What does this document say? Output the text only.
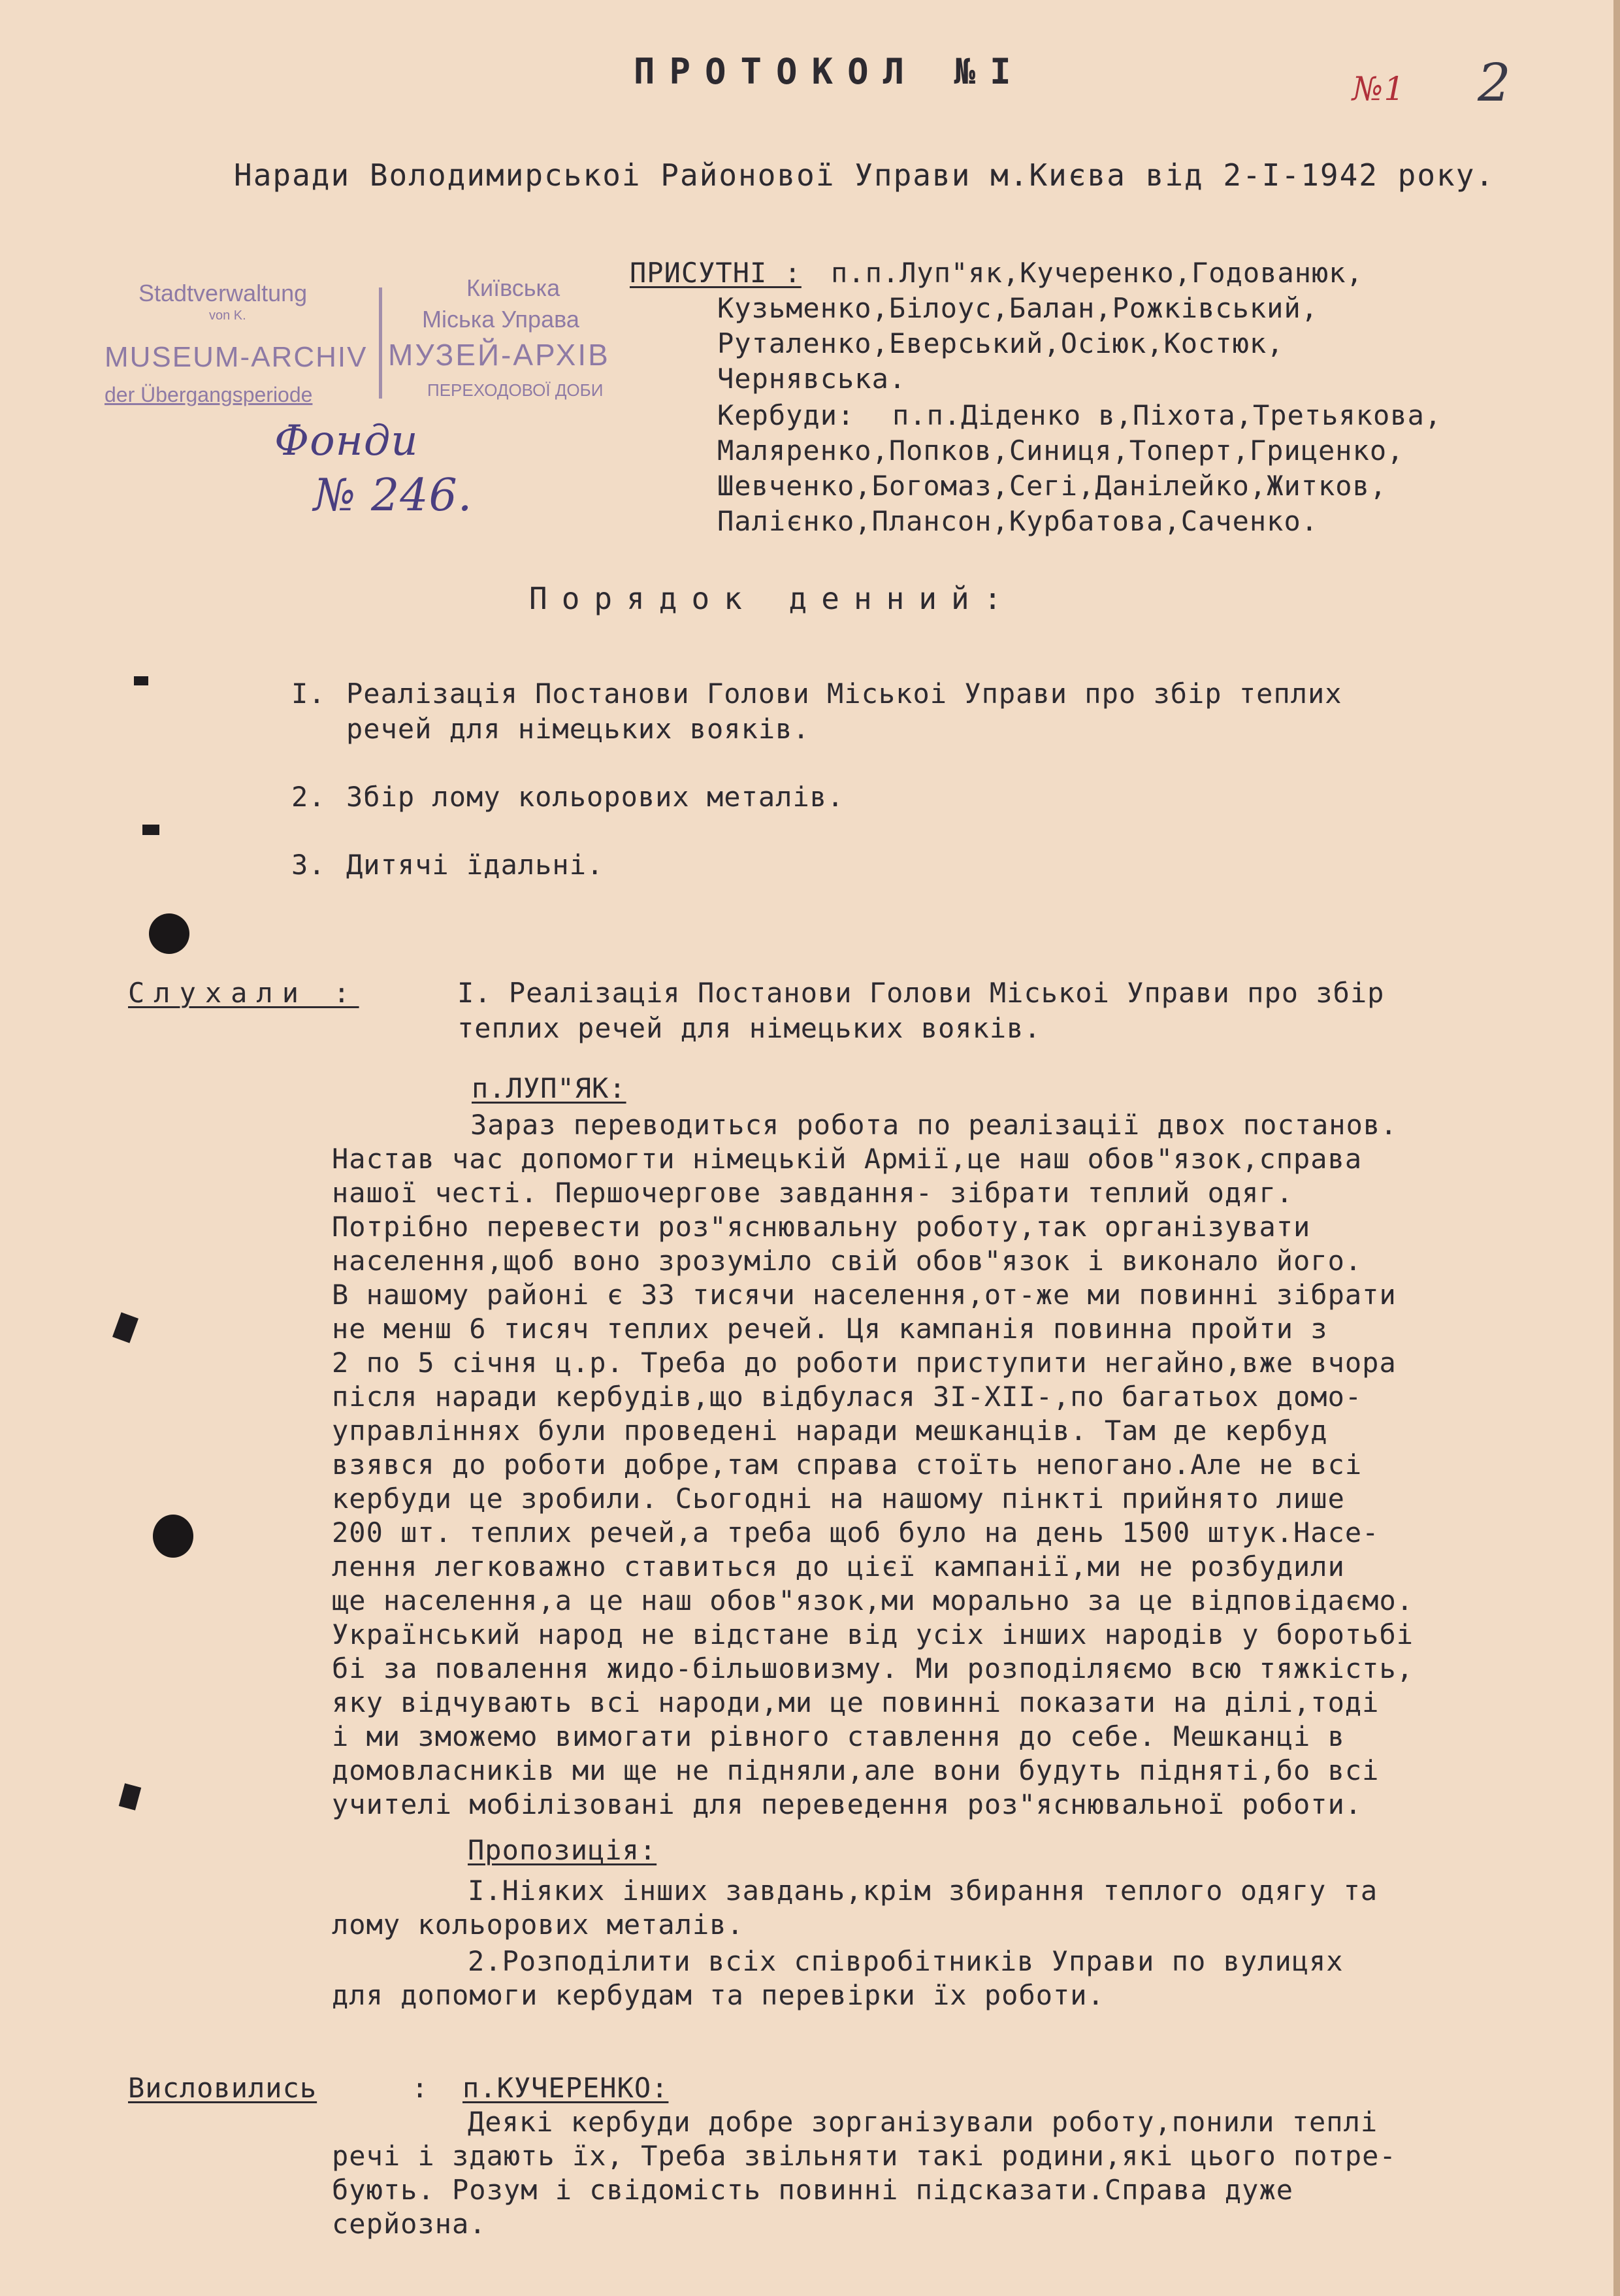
ПРОТОКОЛ №I	№1 2
Наради Володимирськоі Районової Управи м.Києва від 2-I-1942 року.
Stadtverwaltung
von K.
MUSEUM-ARCHIV
der Übergangsperiode
Київська
Міська Управа
МУЗЕЙ-АРХІВ
ПЕРЕХОДОВОЇ ДОБИ
Фонди
№ 246.
ПРИСУТНІ : п.п.Луп"як,Кучеренко,Годованюк,
Кузьменко,Білоус,Балан,Рожківський,
Руталенко,Еверський,Осіюк,Костюк,
Чернявська.
Кербуди: п.п.Діденко в,Піхота,Третьякова,
Маляренко,Попков,Синиця,Топерт,Гриценко,
Шевченко,Богомаз,Сегі,Данілейко,Житков,
Палієнко,Плансон,Курбатова,Саченко.
Порядок денний:
I. Реалізація Постанови Голови Міськоі Управи про збір теплих
речей для німецьких вояків.
2. Збір лому кольорових металів.
3. Дитячі їдальні.
Слухали :	I. Реалізація Постанови Голови Міськоі Управи про збір
теплих речей для німецьких вояків.
п.ЛУП"ЯК:
Зараз переводиться робота по реалізації двох постанов.
Настав час допомогти німецькій Армії,це наш обов"язок,справа
нашої честі. Першочергове завдання- зібрати теплий одяг.
Потрібно перевести роз"яснювальну роботу,так організувати
населення,щоб воно зрозуміло свій обов"язок і виконало його.
В нашому районі є 33 тисячи населення,от-же ми повинні зібрати
не менш 6 тисяч теплих речей. Ця кампанія повинна пройти з
2 по 5 січня ц.р. Треба до роботи приступити негайно,вже вчора
після наради кербудів,що відбулася 3I-XII-,по багатьох домо-
управліннях були проведені наради мешканців. Там де кербуд
взявся до роботи добре,там справа стоїть непогано.Але не всі
кербуди це зробили. Сьогодні на нашому пінкті прийнято лише
200 шт. теплих речей,а треба щоб було на день 1500 штук.Насе-
лення легковажно ставиться до цієї кампанії,ми не розбудили
ще населення,а це наш обов"язок,ми морально за це відповідаємо.
Український народ не відстане від усіх інших народів у боротьбі
бі за повалення жидо-більшовизму. Ми розподіляємо всю тяжкість,
яку відчувають всі народи,ми це повинні показати на ділі,тоді
і ми зможемо вимогати рівного ставлення до себе. Мешканці в
домовласників ми ще не підняли,але вони будуть підняті,бо всі
учителі мобілізовані для переведення роз"яснювальної роботи.
Пропозиція:
I.Ніяких інших завдань,крім збирання теплого одягу та
лому кольорових металів.
2.Розподілити всіх співробітників Управи по вулицях
для допомоги кербудам та перевірки їх роботи.
Висловились	: п.КУЧЕРЕНКО:
Деякі кербуди добре зорганізували роботу,понили теплі
речі і здають їх, Треба звільняти такі родини,які цього потре-
бують. Розум і свідомість повинні підсказати.Справа дуже
серйозна.
